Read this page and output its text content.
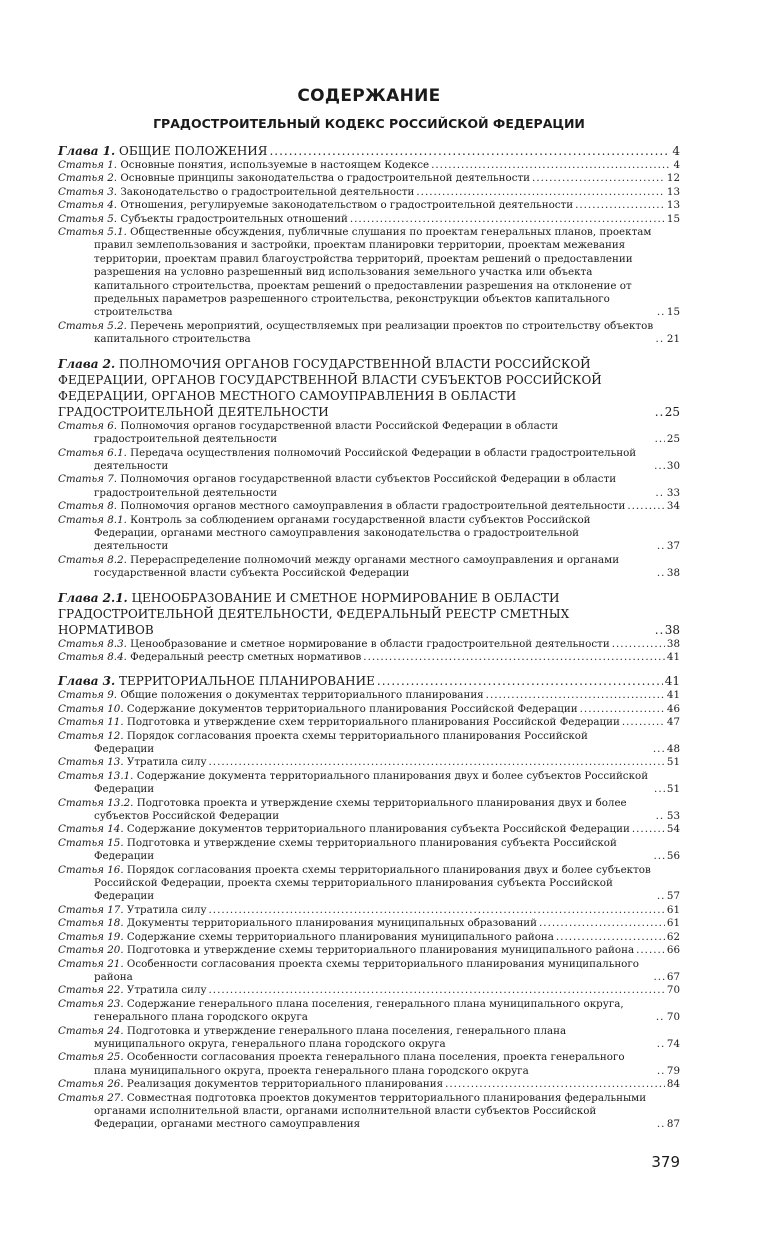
СОДЕРЖАНИЕ
ГРАДОСТРОИТЕЛЬНЫЙ КОДЕКС РОССИЙСКОЙ ФЕДЕРАЦИИ
Глава 1. ОБЩИЕ ПОЛОЖЕНИЯ .....	4
Статья 1. Основные понятия, используемые в настоящем Кодексе .....	4
Статья 2. Основные принципы законодательства о градостроительной деятельности .....	12
Статья 3. Законодательство о градостроительной деятельности .....	13
Статья 4. Отношения, регулируемые законодательством о градостроительной деятельности .....	13
Статья 5. Субъекты градостроительных отношений .....	15
Статья 5.1. Общественные обсуждения, публичные слушания по проектам генеральных планов, проектам правил землепользования и застройки, проектам планировки территории, проектам межевания территории, проектам правил благоустройства территорий, проектам решений о предоставлении разрешения на условно разрешенный вид использования земельного участка или объекта капитального строительства, проектам решений о предоставлении разрешения на отклонение от предельных параметров разрешенного строительства, реконструкции объектов капитального строительства .....	15
Статья 5.2. Перечень мероприятий, осуществляемых при реализации проектов по строительству объектов капитального строительства .....	21
Глава 2. ПОЛНОМОЧИЯ ОРГАНОВ ГОСУДАРСТВЕННОЙ ВЛАСТИ РОССИЙСКОЙ ФЕДЕРАЦИИ, ОРГАНОВ ГОСУДАРСТВЕННОЙ ВЛАСТИ СУБЪЕКТОВ РОССИЙСКОЙ ФЕДЕРАЦИИ, ОРГАНОВ МЕСТНОГО САМОУПРАВЛЕНИЯ В ОБЛАСТИ ГРАДОСТРОИТЕЛЬНОЙ ДЕЯТЕЛЬНОСТИ .....	25
Статья 6. Полномочия органов государственной власти Российской Федерации в области градостроительной деятельности .....	25
Статья 6.1. Передача осуществления полномочий Российской Федерации в области градостроительной деятельности .....	30
Статья 7. Полномочия органов государственной власти субъектов Российской Федерации в области градостроительной деятельности .....	33
Статья 8. Полномочия органов местного самоуправления в области градостроительной деятельности .....	34
Статья 8.1. Контроль за соблюдением органами государственной власти субъектов Российской Федерации, органами местного самоуправления законодательства о градостроительной деятельности .....	37
Статья 8.2. Перераспределение полномочий между органами местного самоуправления и органами государственной власти субъекта Российской Федерации .....	38
Глава 2.1. ЦЕНООБРАЗОВАНИЕ И СМЕТНОЕ НОРМИРОВАНИЕ В ОБЛАСТИ ГРАДОСТРОИТЕЛЬНОЙ ДЕЯТЕЛЬНОСТИ, ФЕДЕРАЛЬНЫЙ РЕЕСТР СМЕТНЫХ НОРМАТИВОВ .....	38
Статья 8.3. Ценообразование и сметное нормирование в области градостроительной деятельности .....	38
Статья 8.4. Федеральный реестр сметных нормативов .....	41
Глава 3. ТЕРРИТОРИАЛЬНОЕ ПЛАНИРОВАНИЕ .....	41
Статья 9. Общие положения о документах территориального планирования .....	41
Статья 10. Содержание документов территориального планирования Российской Федерации .....	46
Статья 11. Подготовка и утверждение схем территориального планирования Российской Федерации .....	47
Статья 12. Порядок согласования проекта схемы территориального планирования Российской Федерации .....	48
Статья 13. Утратила силу .....	51
Статья 13.1. Содержание документа территориального планирования двух и более субъектов Российской Федерации .....	51
Статья 13.2. Подготовка проекта и утверждение схемы территориального планирования двух и более субъектов Российской Федерации .....	53
Статья 14. Содержание документов территориального планирования субъекта Российской Федерации .....	54
Статья 15. Подготовка и утверждение схемы территориального планирования субъекта Российской Федерации .....	56
Статья 16. Порядок согласования проекта схемы территориального планирования двух и более субъектов Российской Федерации, проекта схемы территориального планирования субъекта Российской Федерации .....	57
Статья 17. Утратила силу .....	61
Статья 18. Документы территориального планирования муниципальных образований .....	61
Статья 19. Содержание схемы территориального планирования муниципального района .....	62
Статья 20. Подготовка и утверждение схемы территориального планирования муниципального района .....	66
Статья 21. Особенности согласования проекта схемы территориального планирования муниципального района .....	67
Статья 22. Утратила силу .....	70
Статья 23. Содержание генерального плана поселения, генерального плана муниципального округа, генерального плана городского округа .....	70
Статья 24. Подготовка и утверждение генерального плана поселения, генерального плана муниципального округа, генерального плана городского округа .....	74
Статья 25. Особенности согласования проекта генерального плана поселения, проекта генерального плана муниципального округа, проекта генерального плана городского округа .....	79
Статья 26. Реализация документов территориального планирования .....	84
Статья 27. Совместная подготовка проектов документов территориального планирования федеральными органами исполнительной власти, органами исполнительной власти субъектов Российской Федерации, органами местного самоуправления .....	87
379
